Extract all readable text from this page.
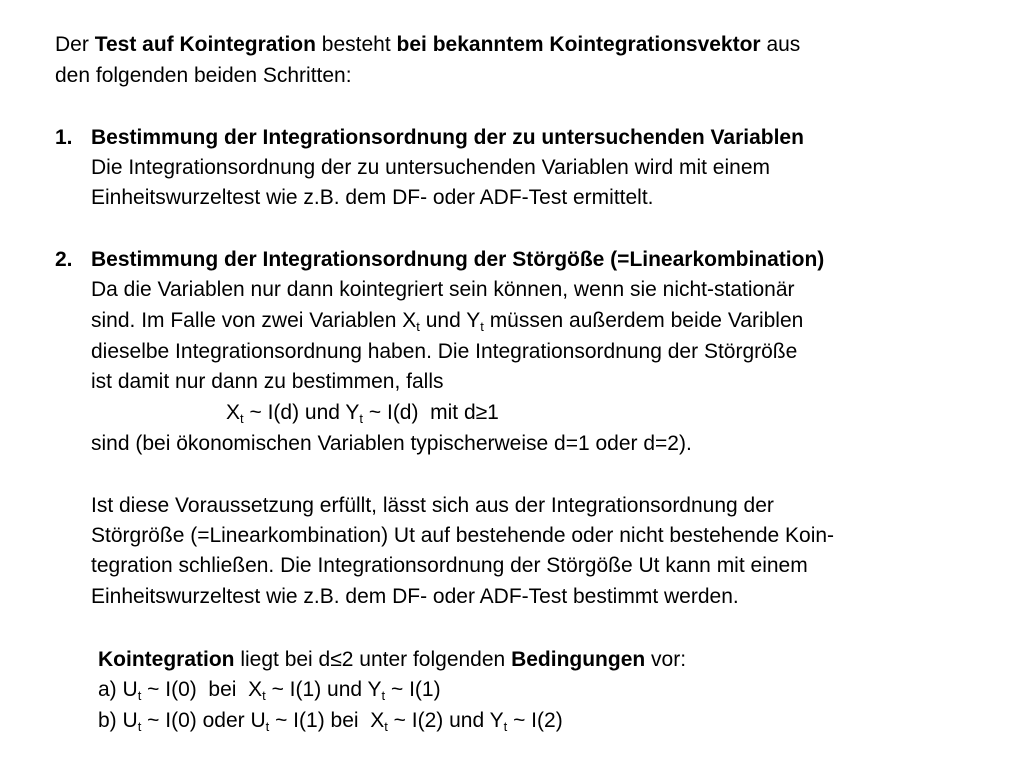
Der Test auf Kointegration besteht bei bekanntem Kointegrationsvektor aus
den folgenden beiden Schritten:
1. Bestimmung der Integrationsordnung der zu untersuchenden Variablen
Die Integrationsordnung der zu untersuchenden Variablen wird mit einem
Einheitswurzeltest wie z.B. dem DF- oder ADF-Test ermittelt.
2. Bestimmung der Integrationsordnung der Störgöße (=Linearkombination)
Da die Variablen nur dann kointegriert sein können, wenn sie nicht-stationär
sind. Im Falle von zwei Variablen $X_t$ und $Y_t$ müssen außerdem beide Variblen
dieselbe Integrationsordnung haben. Die Integrationsordnung der Störgröße
ist damit nur dann zu bestimmen, falls
$X_t$ ~ I(d) und $Y_t$ ~ I(d)  mit d≥1
sind (bei ökonomischen Variablen typischerweise d=1 oder d=2).
Ist diese Voraussetzung erfüllt, lässt sich aus der Integrationsordnung der
Störgröße (=Linearkombination) Ut auf bestehende oder nicht bestehende Koin-
tegration schließen. Die Integrationsordnung der Störgöße Ut kann mit einem
Einheitswurzeltest wie z.B. dem DF- oder ADF-Test bestimmt werden.
Kointegration liegt bei d≤2 unter folgenden Bedingungen vor:
a) $U_t$ ~ I(0)  bei  $X_t$ ~ I(1) und $Y_t$ ~ I(1)
b) $U_t$ ~ I(0) oder $U_t$ ~ I(1) bei  $X_t$ ~ I(2) und $Y_t$ ~ I(2)
